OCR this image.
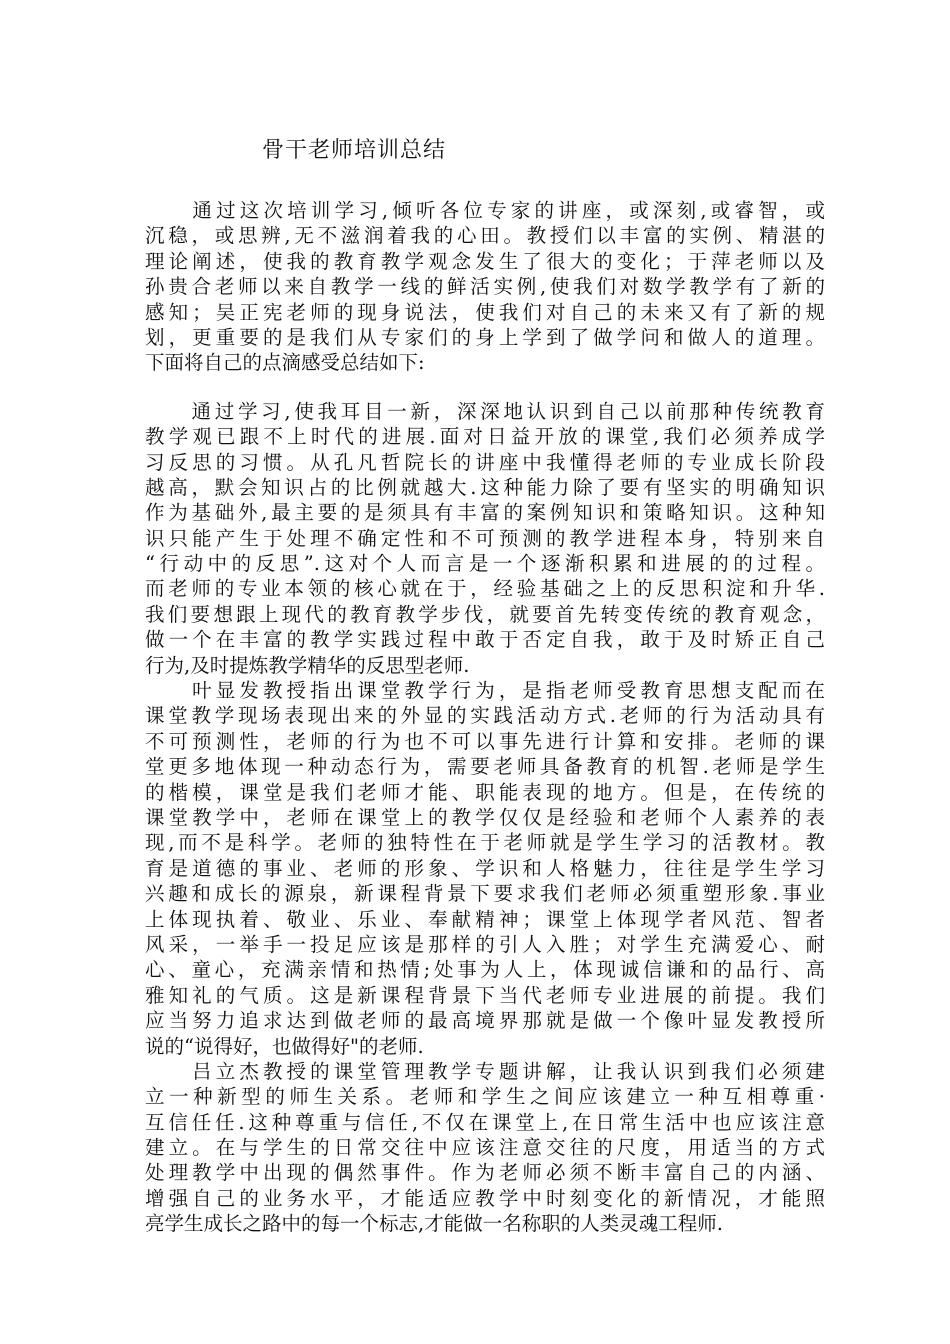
骨干老师培训总结
　　通过这次培训学习,倾听各位专家的讲座，或深刻,或睿智，或
沉稳，或思辨,无不滋润着我的心田。教授们以丰富的实例、精湛的
理论阐述，使我的教育教学观念发生了很大的变化；于萍老师以及
孙贵合老师以来自教学一线的鲜活实例,使我们对数学教学有了新的
感知；吴正宪老师的现身说法，使我们对自己的未来又有了新的规
划，更重要的是我们从专家们的身上学到了做学问和做人的道理。
下面将自己的点滴感受总结如下:
　　通过学习,使我耳目一新，深深地认识到自己以前那种传统教育
教学观已跟不上时代的进展.面对日益开放的课堂,我们必须养成学
习反思的习惯。从孔凡哲院长的讲座中我懂得老师的专业成长阶段
越高，默会知识占的比例就越大.这种能力除了要有坚实的明确知识
作为基础外,最主要的是须具有丰富的案例知识和策略知识。这种知
识只能产生于处理不确定性和不可预测的教学进程本身，特别来自
“行动中的反思”.这对个人而言是一个逐渐积累和进展的的过程。
而老师的专业本领的核心就在于，经验基础之上的反思积淀和升华.
我们要想跟上现代的教育教学步伐，就要首先转变传统的教育观念，
做一个在丰富的教学实践过程中敢于否定自我，敢于及时矫正自己
行为,及时提炼教学精华的反思型老师.
　　叶显发教授指出课堂教学行为，是指老师受教育思想支配而在
课堂教学现场表现出来的外显的实践活动方式.老师的行为活动具有
不可预测性，老师的行为也不可以事先进行计算和安排。老师的课
堂更多地体现一种动态行为，需要老师具备教育的机智.老师是学生
的楷模，课堂是我们老师才能、职能表现的地方。但是，在传统的
课堂教学中，老师在课堂上的教学仅仅是经验和老师个人素养的表
现,而不是科学。老师的独特性在于老师就是学生学习的活教材。教
育是道德的事业、老师的形象、学识和人格魅力，往往是学生学习
兴趣和成长的源泉，新课程背景下要求我们老师必须重塑形象.事业
上体现执着、敬业、乐业、奉献精神；课堂上体现学者风范、智者
风采，一举手一投足应该是那样的引人入胜；对学生充满爱心、耐
心、童心，充满亲情和热情;处事为人上，体现诚信谦和的品行、高
雅知礼的气质。这是新课程背景下当代老师专业进展的前提。我们
应当努力追求达到做老师的最高境界那就是做一个像叶显发教授所
说的“说得好，也做得好"的老师.
　　吕立杰教授的课堂管理教学专题讲解，让我认识到我们必须建
立一种新型的师生关系。老师和学生之间应该建立一种互相尊重·
互信任任.这种尊重与信任,不仅在课堂上,在日常生活中也应该注意
建立。在与学生的日常交往中应该注意交往的尺度，用适当的方式
处理教学中出现的偶然事件。作为老师必须不断丰富自己的内涵、
增强自己的业务水平，才能适应教学中时刻变化的新情况，才能照
亮学生成长之路中的每一个标志,才能做一名称职的人类灵魂工程师.
